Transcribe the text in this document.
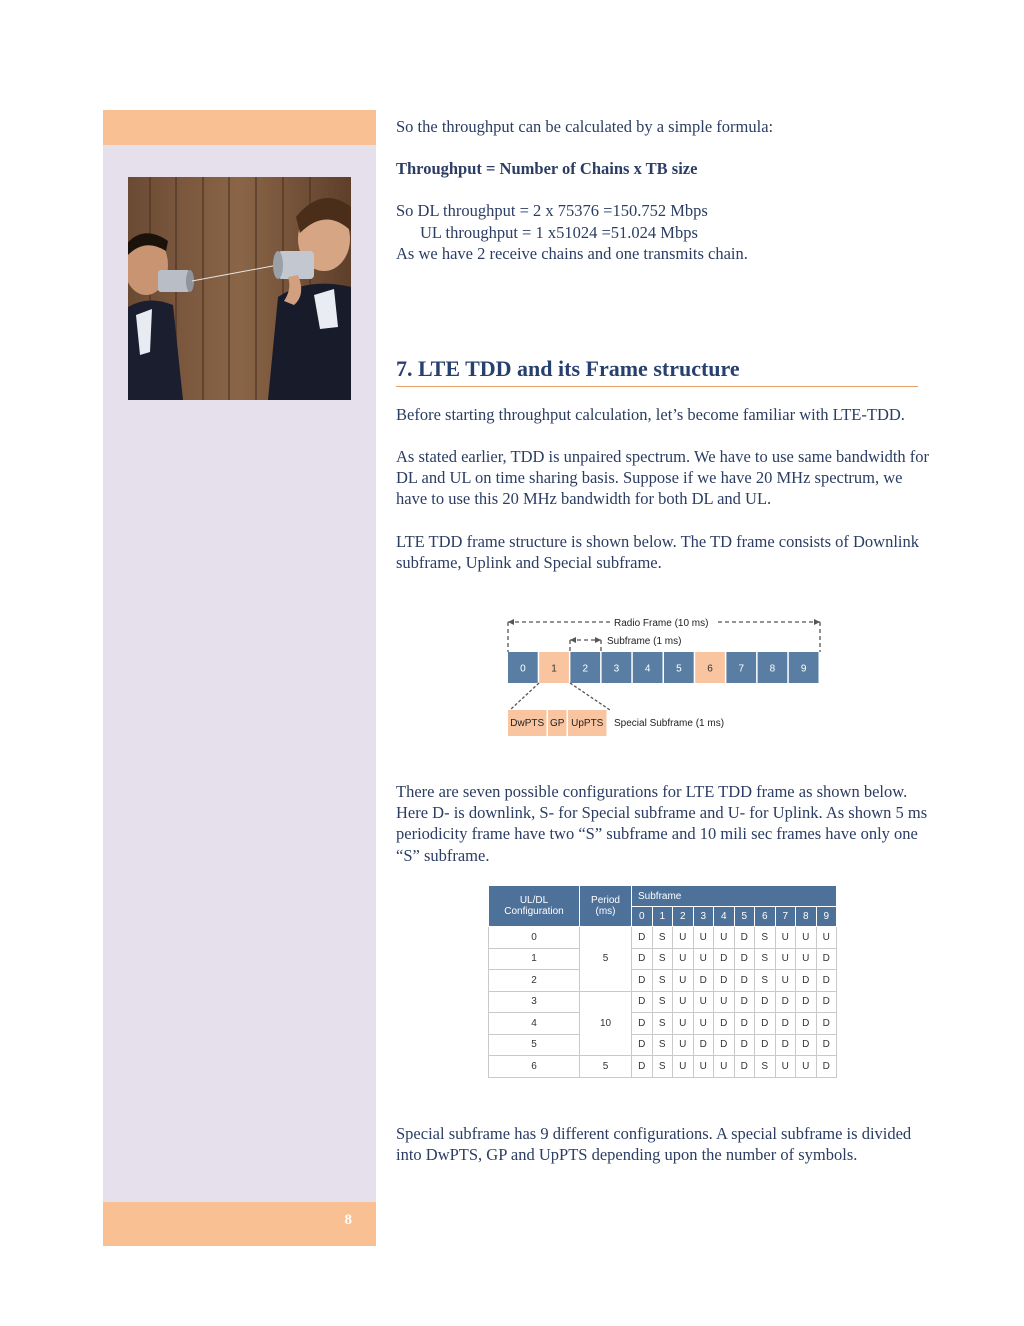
8

So the throughput can be calculated by a simple formula:

Throughput = Number of Chains x TB size

So DL throughput = 2 x 75376 =150.752 Mbps

UL throughput = 1 x51024 =51.024 Mbps

As we have 2 receive chains and one transmits chain.

7. LTE TDD and its Frame structure

Before starting throughput calculation, let’s become familiar with LTE-TDD.

As stated earlier, TDD is unpaired spectrum. We have to use same bandwidth for DL and UL on time sharing basis. Suppose if we have 20 MHz spectrum, we have to use this 20 MHz bandwidth for both DL and UL.

LTE TDD frame structure is shown below. The TD frame consists of Downlink subframe, Uplink and Special subframe.

There are seven possible configurations for LTE TDD frame as shown below. Here D- is downlink, S- for Special subframe and U- for Uplink. As shown 5 ms periodicity frame have two “S” subframe and 10 mili sec frames have only one “S” subframe.

Special subframe has 9 different configurations. A special subframe is divided into DwPTS, GP and UpPTS depending upon the number of symbols.

Radio Frame (10 ms)
Subframe (1 ms)
0	1	2	3	4	5	6	7	8	9
DwPTS GP UpPTS Special Subframe (1 ms)
UL/DL
Configuration	Period
(ms)	Subframe									
		0	1	2	3	4	5	6	7	8	9
0	5	D	S	U	U	U	D	S	U	U	U
1		D	S	U	U	D	D	S	U	U	D
2		D	S	U	D	D	D	S	U	D	D
3	10	D	S	U	U	U	D	D	D	D	D
4		D	S	U	U	D	D	D	D	D	D
5		D	S	U	D	D	D	D	D	D	D
6	5	D	S	U	U	U	D	S	U	U	D
